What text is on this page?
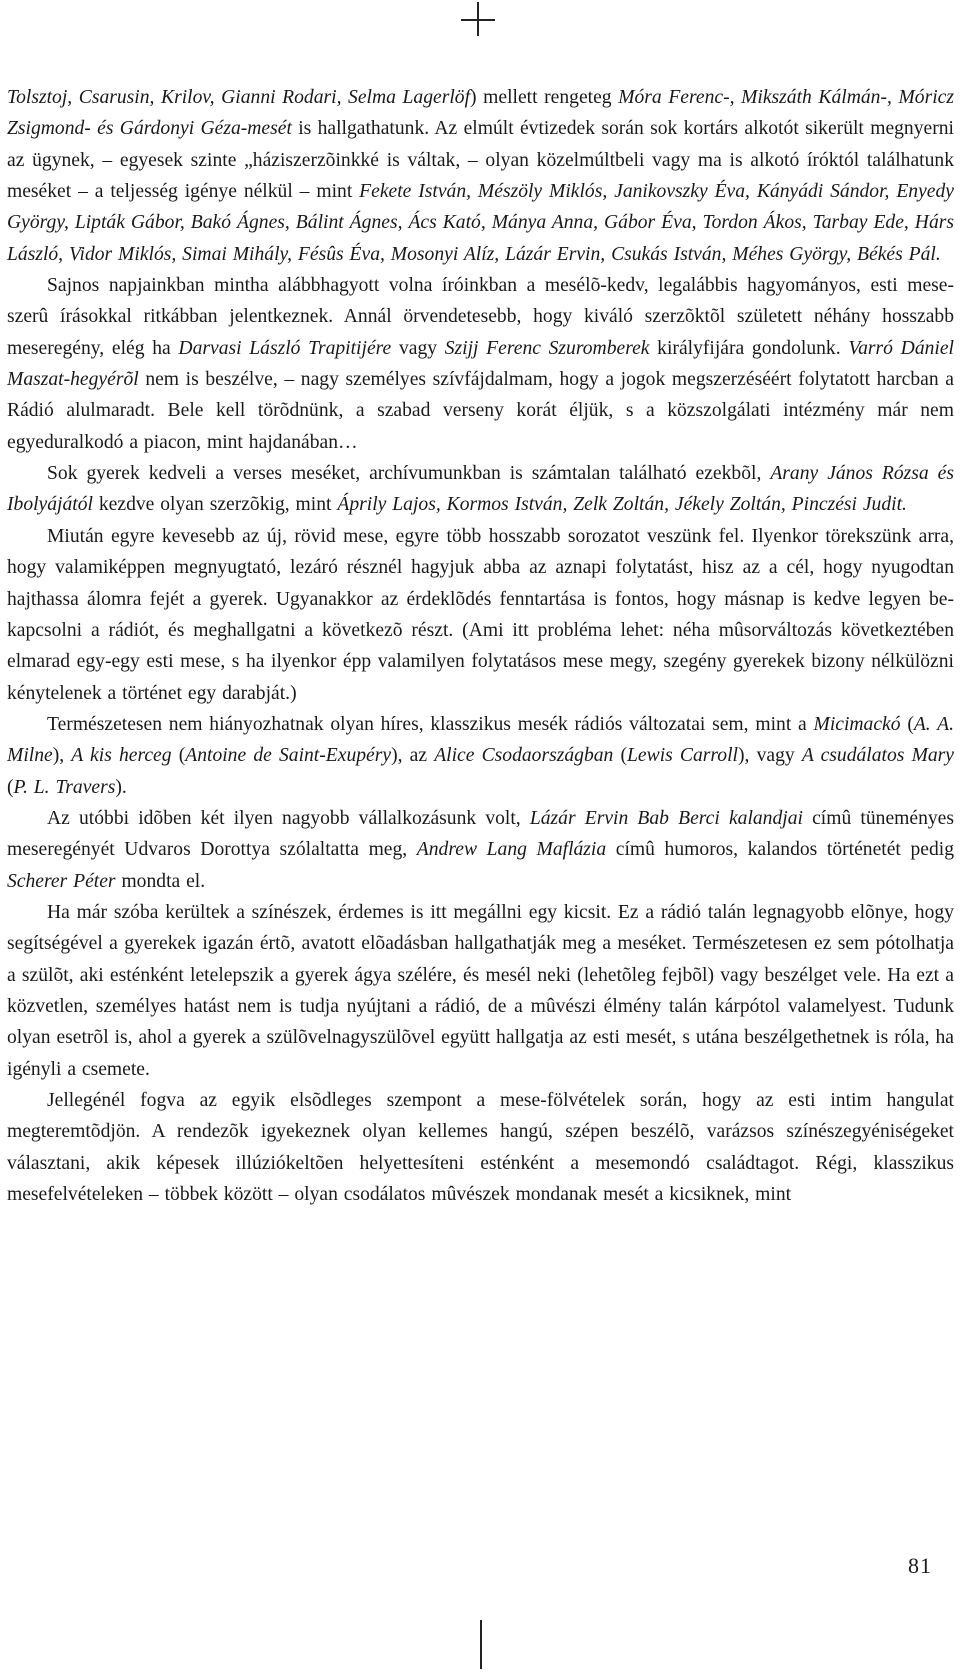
Tolsztoj, Csarusin, Krilov, Gianni Rodari, Selma Lagerlöf) mellett rengeteg Móra Ferenc-, Mikszáth Kálmán-, Móricz Zsigmond- és Gárdonyi Géza-mesét is hallgathatunk. Az elmúlt évtizedek során sok kortárs alkotót sikerült megnyerni az ügynek, – egyesek szinte „háziszerzõinkké is váltak, – olyan közelmúltbeli vagy ma is alkotó íróktól találhatunk meséket – a teljesség igénye nélkül – mint Fekete István, Mészöly Miklós, Janikovszky Éva, Kányádi Sándor, Enyedy György, Lipták Gábor, Bakó Ágnes, Bálint Ágnes, Ács Kató, Mánya Anna, Gábor Éva, Tordon Ákos, Tarbay Ede, Hárs László, Vidor Miklós, Simai Mihály, Fésûs Éva, Mosonyi Alíz, Lázár Ervin, Csukás István, Méhes György, Békés Pál.

Sajnos napjainkban mintha alábbhagyott volna íróinkban a mesélõ-kedv, legalábbis hagyományos, esti mese-szerû írásokkal ritkábban jelentkeznek. Annál örvendetesebb, hogy kiváló szerzõktõl született néhány hosszabb meseregény, elég ha Darvasi László Trapitijére vagy Szijj Ferenc Szuromberek királyfijára gondolunk. Varró Dániel Maszat-hegyérõl nem is beszélve, – nagy személyes szívfájdalmam, hogy a jogok megszerzéséért folytatott harcban a Rádió alulmaradt. Bele kell törõdnünk, a szabad verseny korát éljük, s a közszolgálati intézmény már nem egyeduralkodó a piacon, mint hajdanában…

Sok gyerek kedveli a verses meséket, archívumunkban is számtalan található ezekbõl, Arany János Rózsa és Ibolyájától kezdve olyan szerzõkig, mint Áprily Lajos, Kormos István, Zelk Zoltán, Jékely Zoltán, Pinczési Judit.

Miután egyre kevesebb az új, rövid mese, egyre több hosszabb sorozatot veszünk fel. Ilyenkor törekszünk arra, hogy valamiképpen megnyugtató, lezáró résznél hagyjuk abba az aznapi folytatást, hisz az a cél, hogy nyugodtan hajthassa álomra fejét a gyerek. Ugyanakkor az érdeklõdés fenntartása is fontos, hogy másnap is kedve legyen bekapcsolni a rádiót, és meghallgatni a következõ részt. (Ami itt probléma lehet: néha mûsorváltozás következtében elmarad egy-egy esti mese, s ha ilyenkor épp valamilyen folytatásos mese megy, szegény gyerekek bizony nélkülözni kénytelenek a történet egy darabját.)

Természetesen nem hiányozhatnak olyan híres, klasszikus mesék rádiós változatai sem, mint a Micimackó (A. A. Milne), A kis herceg (Antoine de Saint-Exupéry), az Alice Csodaországban (Lewis Carroll), vagy A csudálatos Mary (P. L. Travers).

Az utóbbi idõben két ilyen nagyobb vállalkozásunk volt, Lázár Ervin Bab Berci kalandjai címû tüneményes meseregényét Udvaros Dorottya szólaltatta meg, Andrew Lang Maflázia címû humoros, kalandos történetét pedig Scherer Péter mondta el.

Ha már szóba kerültek a színészek, érdemes is itt megállni egy kicsit. Ez a rádió talán legnagyobb elõnye, hogy segítségével a gyerekek igazán értõ, avatott elõadásban hallgathatják meg a meséket. Természetesen ez sem pótolhatja a szülõt, aki esténként letelepszik a gyerek ágya szélére, és mesél neki (lehetõleg fejbõl) vagy beszélget vele. Ha ezt a közvetlen, személyes hatást nem is tudja nyújtani a rádió, de a mûvészi élmény talán kárpótol valamelyest. Tudunk olyan esetrõl is, ahol a gyerek a szülõvelnagyszülõvel együtt hallgatja az esti mesét, s utána beszélgethetnek is róla, ha igényli a csemete.

Jellegénél fogva az egyik elsõdleges szempont a mese-fölvételek során, hogy az esti intim hangulat megteremtõdjön. A rendezõk igyekeznek olyan kellemes hangú, szépen beszélõ, varázsos színészegyéniségeket választani, akik képesek illúziókeltõen helyettesíteni esténként a mesemondó családtagot. Régi, klasszikus mesefelvételeken – többek között – olyan csodálatos mûvészek mondanak mesét a kicsiknek, mint

81
